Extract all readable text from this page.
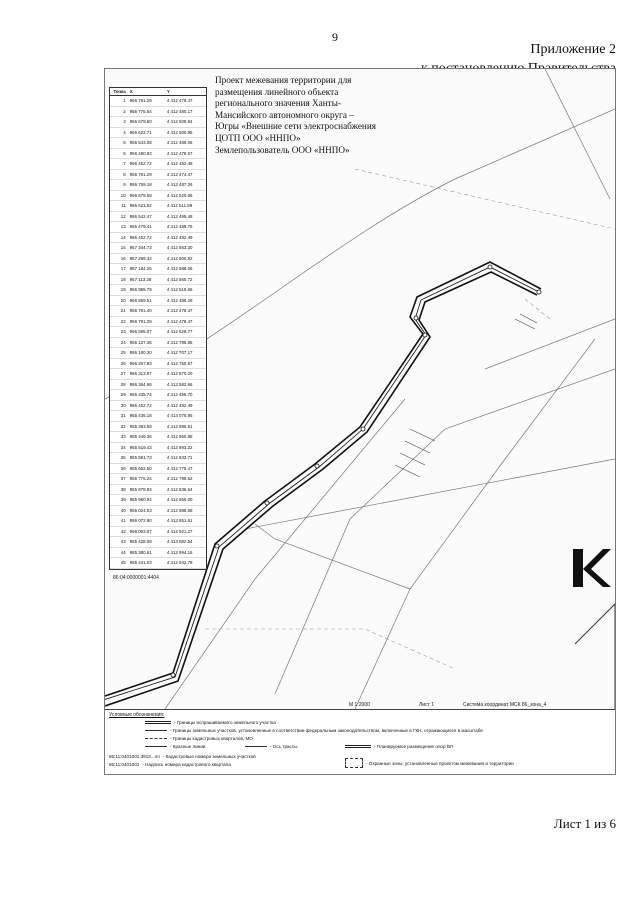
9
Приложение 2
Проект межевания территории для размещения линейного объекта регионального значения Ханты-Мансийского автономного округа – Югры «Внешние сети электроснабжения ЦОТП ООО «ННПО»
Землепользователь ООО «ННПО»
Точка X	Y
1 956 781.29	4 412 478.47
2 956 776.54	4 412 480.17
3 956 679.60	4 412 509.94
4 956 622.71	4 412 500.95
5 956 543.08	4 412 489.06
6 956 480.93	4 412 479.57
7 956 452.72	4 412 482.49
8 956 781.29	4 412 474.47
9 956 759.18	4 412 487.26
10 956 679.58	4 412 520.56
11 956 621.62	4 412 511.59
12 956 542.47	4 412 499.48
13 956 479.41	4 412 489.75
14 956 452.72	4 412 482.49
15 957 344.73	4 412 553.30
16 957 299.32	4 412 600.82
17 957 184.25	4 412 588.06
18 957 113.28	4 412 565.72
19 956 955.79	4 412 519.66
20 956 869.51	4 412 489.29
21 956 781.40	4 412 478.47
22 956 781.29	4 412 478.47
23 956 695.07	4 412 629.77
24 956 137.36	4 412 786.85
25 956 180.30	4 412 707.17
26 956 267.93	4 412 750.67
27 956 313.97	4 412 870.20
28 956 364.96	4 412 582.66
29 956 435.74	4 412 495.70
30 956 452.72	4 412 482.49
31 955 436.18	4 413 075.95
32 955 393.59	4 412 996.51
33 955 449.36	4 412 950.88
34 955 519.43	4 412 893.22
35 955 591.73	4 412 833.71
36 955 662.50	4 412 775.47
37 955 776.24	4 412 799.62
38 955 878.92	4 412 836.54
39 955 960.94	4 412 866.00
40 956 024.03	4 412 888.58
41 956 072.80	4 412 851.61
42 956 093.07	4 412 921.27
43 955 428.08	4 413 082.54
44 955 380.61	4 412 994.15
45 955 441.03	4 412 942.78
86:04:0000001:4404
М 1:2000	Лист 1	Система координат МСК 86_зона_4
Условные обозначения:
- Границы испрашиваемого земельного участка
- Границы земельных участков, установленные в соответствии федеральным законодательством, включенные в ГКН, отражающиеся в масштабе
- Границы кадастровых кварталов, МО
- Красные линии	- Ось трассы	- Планируемое размещение опор ВЛ
86:11:0401001:3913...лп - Кадастровые номера земельных участков
86:11:0401001 - Надпись номера кадастрового квартала	- Охранные зоны, установленные проектом межевания и территории
Лист 1 из 6
